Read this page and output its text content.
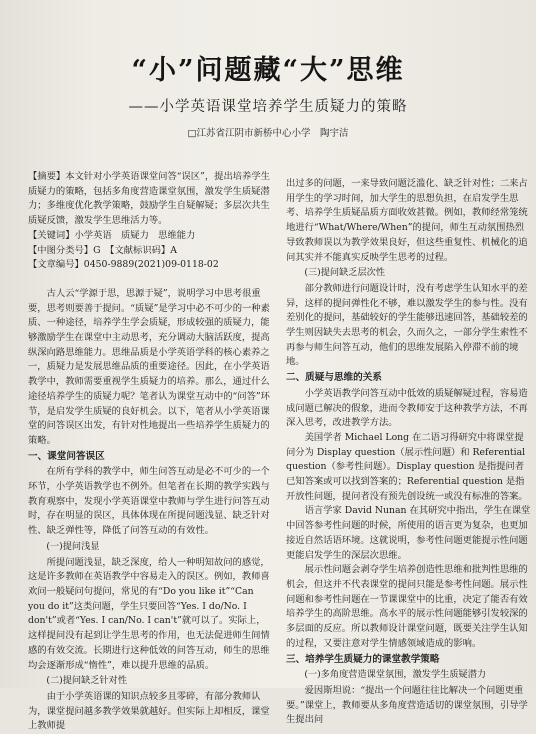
“小”问题藏“大”思维
——小学英语课堂培养学生质疑力的策略
□江苏省江阴市新桥中心小学　陶宇洁

【摘要】本文针对小学英语课堂问答“误区”，提出培养学生质疑力的策略，包括多角度营造课堂氛围，激发学生质疑潜力；多维度优化教学策略，鼓励学生自疑解疑；多层次共生质疑反馈，激发学生思维活力等。

【关键词】小学英语　质疑力　思维能力

【中图分类号】G　【文献标识码】A

【文章编号】0450-9889(2021)09-0118-02

古人云“学源于思，思源于疑”，说明学习中思考很重要，思考则要善于提问。“质疑”是学习中必不可少的一种素质、一种途径，培养学生学会质疑，形成较强的质疑力，能够激励学生在课堂中主动思考，充分调动大脑活跃度，提高纵深向路思维能力。思维品质是小学英语学科的核心素养之一，质疑力是发展思维品质的重要途径。因此，在小学英语教学中，教师需要重视学生质疑力的培养。那么，通过什么途径培养学生的质疑力呢？笔者认为课堂互动中的“问答”环节，是启发学生质疑的良好机会。以下，笔者从小学英语课堂的问答误区出发，有针对性地提出一些培养学生质疑力的策略。

一、课堂问答误区

在所有学科的教学中，师生问答互动是必不可少的一个环节，小学英语教学也不例外。但笔者在长期的教学实践与教育观察中，发现小学英语课堂中教师与学生进行问答互动时，存在明显的误区，具体体现在所提问题浅显、缺乏针对性、缺乏弹性等，降低了问答互动的有效性。

(一)提问浅显

所提问题浅显，缺乏深度，给人一种明知故问的感觉，这是许多教师在英语教学中容易走入的误区。例如，教师喜欢问一般疑问句提问，常见的有“Do you like it”“Can you do it”这类问题，学生只要回答“Yes. I do/No. I don't”或者“Yes. I can/No. I can't”就可以了。实际上，这样提问没有起到让学生思考的作用，也无法促进师生间情感的有效交流。长期进行这种低效的问答互动，师生的思维均会逐渐形成“惰性”，难以提升思维的品质。

(二)提问缺乏针对性

由于小学英语课的知识点较多且零碎，有部分教师认为，课堂提问越多教学效果就越好。但实际上却相反，课堂上教师提

出过多的问题，一来导致问题泛滥化、缺乏针对性；二来占用学生的学习时间，加大学生的思想负担，在启发学生思考、培养学生质疑品质方面收效甚微。例如，教师经常笼统地进行“What/Where/When”的提问，师生互动氛围热烈导致教师误以为教学效果良好，但这些重复性、机械化的追问其实并不能真实反映学生思考的过程。

(三)提问缺乏层次性

部分教师进行问题设计时，没有考虑学生认知水平的差异，这样的提问弹性化不够，难以激发学生的参与性。没有差别化的提问，基础较好的学生能够迅速回答，基础较差的学生则因缺失去思考的机会，久而久之，一部分学生索性不再参与师生问答互动，他们的思维发展陷入停滞不前的境地。

二、质疑与思维的关系

小学英语教学问答互动中低效的质疑解疑过程，容易造成问题已解决的假象，进而令教师安于这种教学方法，不再深入思考，改进教学方法。

美国学者 Michael Long 在二语习得研究中将课堂提问分为 Display question（展示性问题）和 Referential question（参考性问题）。Display question 是指提问者已知答案或可以找到答案的；Referential question 是指开放性问题，提问者没有预先创设统一或没有标准的答案。

语言学家 David Nunan 在其研究中指出，学生在课堂中回答参考性问题的时候，所使用的语言更为复杂，也更加接近自然话语环境。这就说明，参考性问题更能提示性问题更能启发学生的深层次思维。

展示性问题会剥夺学生培养创造性思维和批判性思维的机会，但这并不代表课堂的提问只能是参考性问题。展示性问题和参考性问题在一节课课堂中的比重，决定了能否有效培养学生的高阶思维。高水平的展示性问题能够引发较深的多层面的反应。所以教师设计课堂问题，既要关注学生认知的过程，又要注意对学生情感领域造成的影响。

三、培养学生质疑力的课堂教学策略

(一)多角度营造课堂氛围，激发学生质疑潜力

爱因斯坦说：“提出一个问题往往比解决一个问题更重要。”课堂上，教师要从多角度营造适切的课堂氛围，引导学生提出问
